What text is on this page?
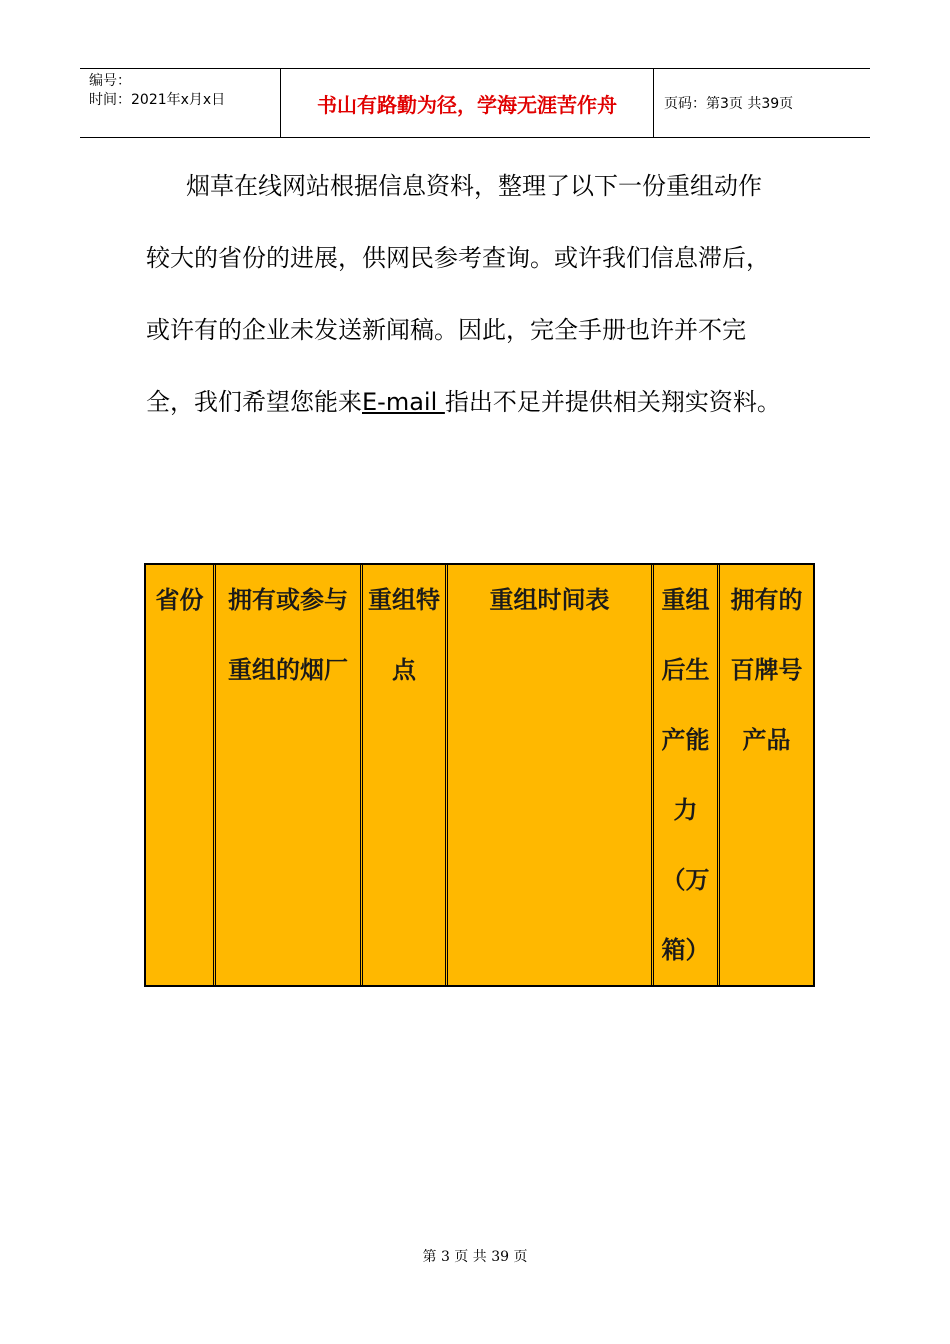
编号：
时间：2021年x月x日	书山有路勤为径，学海无涯苦作舟	页码：第3页 共39页
烟草在线网站根据信息资料，整理了以下一份重组动作
较大的省份的进展，供网民参考查询。或许我们信息滞后，
或许有的企业未发送新闻稿。因此，完全手册也许并不完
全，我们希望您能来E-mail 指出不足并提供相关翔实资料。
省份	拥有或参与重组的烟厂	重组特点	重组时间表	重组后生产能力（万箱）	拥有的百牌号产品
第 3 页 共 39 页
